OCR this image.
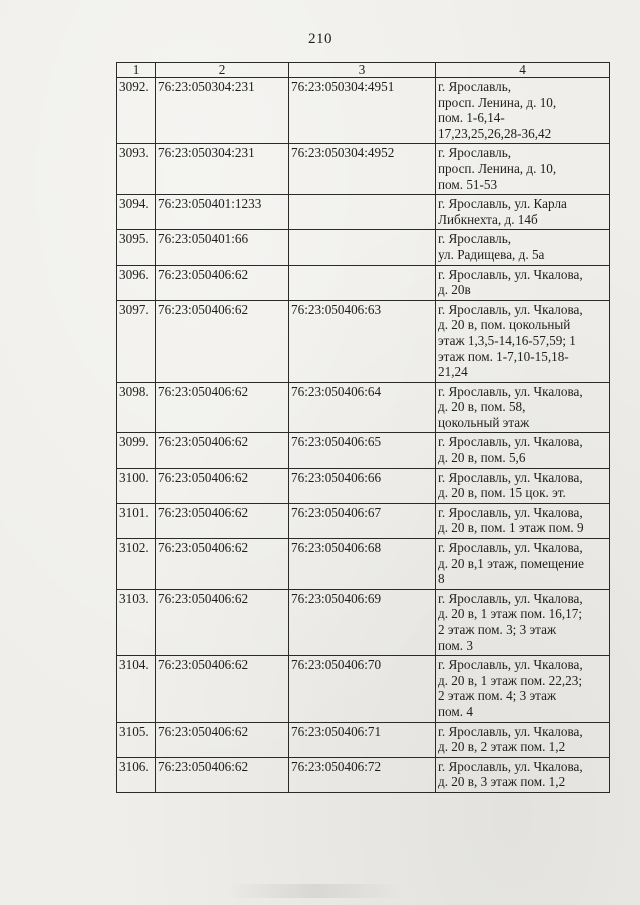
210
1	2	3	4
3092.	76:23:050304:231	76:23:050304:4951	г. Ярославль,
просп. Ленина, д. 10,
пом. 1-6,14-
17,23,25,26,28-36,42
3093.	76:23:050304:231	76:23:050304:4952	г. Ярославль,
просп. Ленина, д. 10,
пом. 51-53
3094.	76:23:050401:1233		г. Ярославль, ул. Карла
Либкнехта, д. 14б
3095.	76:23:050401:66		г. Ярославль,
ул. Радищева, д. 5а
3096.	76:23:050406:62		г. Ярославль, ул. Чкалова,
д. 20в
3097.	76:23:050406:62	76:23:050406:63	г. Ярославль, ул. Чкалова,
д. 20 в, пом. цокольный
этаж 1,3,5-14,16-57,59; 1
этаж пом. 1-7,10-15,18-
21,24
3098.	76:23:050406:62	76:23:050406:64	г. Ярославль, ул. Чкалова,
д. 20 в, пом. 58,
цокольный этаж
3099.	76:23:050406:62	76:23:050406:65	г. Ярославль, ул. Чкалова,
д. 20 в, пом. 5,6
3100.	76:23:050406:62	76:23:050406:66	г. Ярославль, ул. Чкалова,
д. 20 в, пом. 15 цок. эт.
3101.	76:23:050406:62	76:23:050406:67	г. Ярославль, ул. Чкалова,
д. 20 в, пом. 1 этаж пом. 9
3102.	76:23:050406:62	76:23:050406:68	г. Ярославль, ул. Чкалова,
д. 20 в,1 этаж, помещение
8
3103.	76:23:050406:62	76:23:050406:69	г. Ярославль, ул. Чкалова,
д. 20 в, 1 этаж пом. 16,17;
2 этаж пом. 3; 3 этаж
пом. 3
3104.	76:23:050406:62	76:23:050406:70	г. Ярославль, ул. Чкалова,
д. 20 в, 1 этаж пом. 22,23;
2 этаж пом. 4; 3 этаж
пом. 4
3105.	76:23:050406:62	76:23:050406:71	г. Ярославль, ул. Чкалова,
д. 20 в, 2 этаж пом. 1,2
3106.	76:23:050406:62	76:23:050406:72	г. Ярославль, ул. Чкалова,
д. 20 в, 3 этаж пом. 1,2
